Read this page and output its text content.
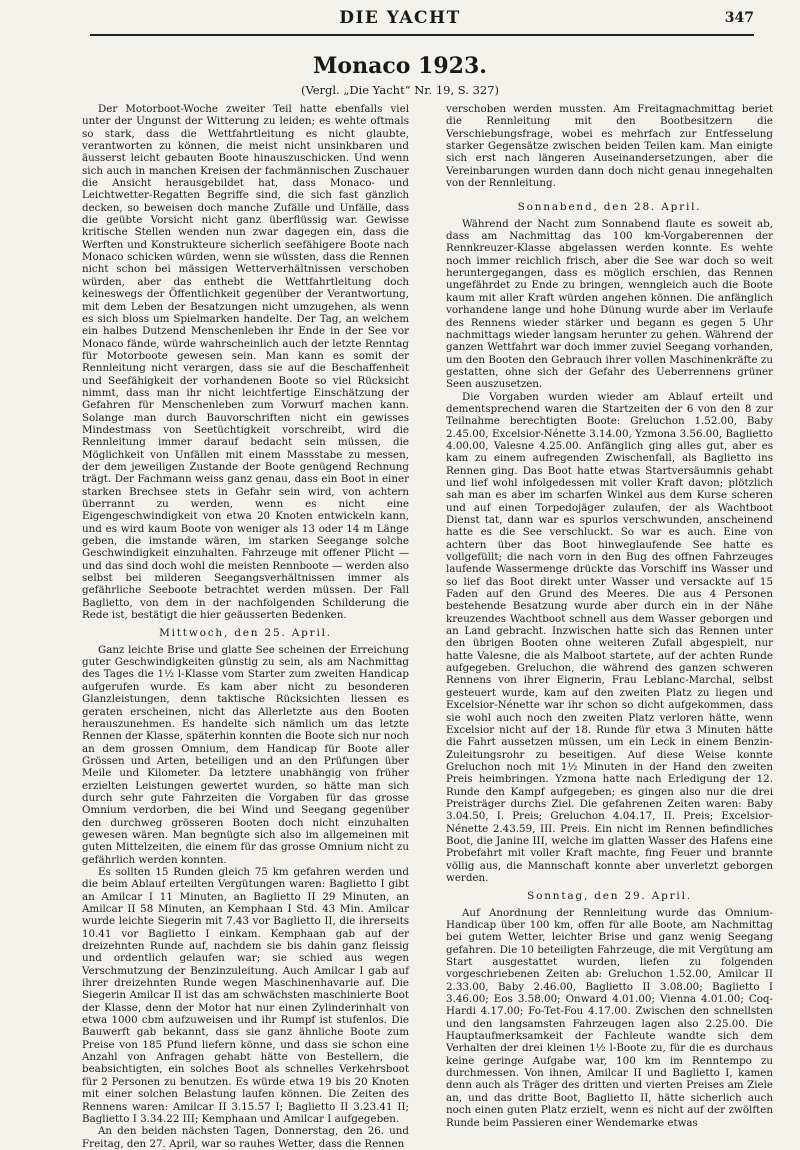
DIE YACHT	347
Monaco 1923.
(Vergl. „Die Yacht“ Nr. 19, S. 327)

Der Motorboot-Woche zweiter Teil hatte ebenfalls viel unter der Ungunst der Witterung zu leiden; es wehte oftmals so stark, dass die Wettfahrtleitung es nicht glaubte, verantworten zu können, die meist nicht unsinkbaren und äusserst leicht gebauten Boote hinauszuschicken. Und wenn sich auch in manchen Kreisen der fachmännischen Zuschauer die Ansicht herausgebildet hat, dass Monaco- und Leichtwetter-Regatten Begriffe sind, die sich fast gänzlich decken, so beweisen doch manche Zufälle und Unfälle, dass die geübte Vorsicht nicht ganz überflüssig war. Gewisse kritische Stellen wenden nun zwar dagegen ein, dass die Werften und Konstrukteure sicherlich seefähigere Boote nach Monaco schicken würden, wenn sie wüssten, dass die Rennen nicht schon bei mässigen Wetterverhältnissen verschoben würden, aber das enthebt die Wettfahrtleitung doch keineswegs der Öffentlichkeit gegenüber der Verantwortung, mit dem Leben der Besatzungen nicht umzugehen, als wenn es sich bloss um Spielmarken handelte. Der Tag, an welchem ein halbes Dutzend Menschenleben ihr Ende in der See vor Monaco fände, würde wahrscheinlich auch der letzte Renntag für Motorboote gewesen sein. Man kann es somit der Rennleitung nicht verargen, dass sie auf die Beschaffenheit und Seefähigkeit der vorhandenen Boote so viel Rücksicht nimmt, dass man ihr nicht leichtfertige Einschätzung der Gefahren für Menschenleben zum Vorwurf machen kann. Solange man durch Bauvorschriften nicht ein gewisses Mindestmass von Seetüchtigkeit vorschreibt, wird die Rennleitung immer darauf bedacht sein müssen, die Möglichkeit von Unfällen mit einem Massstabe zu messen, der dem jeweiligen Zustande der Boote genügend Rechnung trägt. Der Fachmann weiss ganz genau, dass ein Boot in einer starken Brechsee stets in Gefahr sein wird, von achtern überrannt zu werden, wenn es nicht eine Eigengeschwindigkeit von etwa 20 Knoten entwickeln kann, und es wird kaum Boote von weniger als 13 oder 14 m Länge geben, die imstande wären, im starken Seegange solche Geschwindigkeit einzuhalten. Fahrzeuge mit offener Plicht — und das sind doch wohl die meisten Rennboote — werden also selbst bei milderen Seegangsverhältnissen immer als gefährliche Seeboote betrachtet werden müssen. Der Fall Baglietto, von dem in der nachfolgenden Schilderung die Rede ist, bestätigt die hier geäusserten Bedenken.

Mittwoch, den 25. April.

Ganz leichte Brise und glatte See scheinen der Erreichung guter Geschwindigkeiten günstig zu sein, als am Nachmittag des Tages die 1½ l-Klasse vom Starter zum zweiten Handicap aufgerufen wurde. Es kam aber nicht zu besonderen Glanzleistungen, denn taktische Rücksichten liessen es geraten erscheinen, nicht das Allerletzte aus den Booten herauszunehmen. Es handelte sich nämlich um das letzte Rennen der Klasse, späterhin konnten die Boote sich nur noch an dem grossen Omnium, dem Handicap für Boote aller Grössen und Arten, beteiligen und an den Prüfungen über Meile und Kilometer. Da letztere unabhängig von früher erzielten Leistungen gewertet wurden, so hätte man sich durch sehr gute Fahrzeiten die Vorgaben für das grosse Omnium verdorben, die bei Wind und Seegang gegenüber den durchweg grösseren Booten doch nicht einzuhalten gewesen wären. Man begnügte sich also im allgemeinen mit guten Mittelzeiten, die einem für das grosse Omnium nicht zu gefährlich werden konnten.

Es sollten 15 Runden gleich 75 km gefahren werden und die beim Ablauf erteilten Vergütungen waren: Baglietto I gibt an Amilcar I 11 Minuten, an Baglietto II 29 Minuten, an Amilcar II 58 Minuten, an Kemphaan I Std. 43 Min. Amilcar wurde leichte Siegerin mit 7.43 vor Baglietto II, die ihrerseits 10.41 vor Baglietto I einkam. Kemphaan gab auf der dreizehnten Runde auf, nachdem sie bis dahin ganz fleissig und ordentlich gelaufen war; sie schied aus wegen Verschmutzung der Benzinzuleitung. Auch Amilcar I gab auf ihrer dreizehnten Runde wegen Maschinenhavarie auf. Die Siegerin Amilcar II ist das am schwächsten maschinierte Boot der Klasse, denn der Motor hat nur einen Zylinderinhalt von etwa 1000 cbm aufzuweisen und ihr Rumpf ist stufenlos. Die Bauwerft gab bekannt, dass sie ganz ähnliche Boote zum Preise von 185 Pfund liefern könne, und dass sie schon eine Anzahl von Anfragen gehabt hätte von Bestellern, die beabsichtigten, ein solches Boot als schnelles Verkehrsboot für 2 Personen zu benutzen. Es würde etwa 19 bis 20 Knoten mit einer solchen Belastung laufen können. Die Zeiten des Rennens waren: Amilcar II 3.15.57 I; Baglietto II 3.23.41 II; Baglietto I 3.34.22 III; Kemphaan und Amilcar I aufgegeben.

An den beiden nächsten Tagen, Donnerstag, den 26. und Freitag, den 27. April, war so rauhes Wetter, dass die Rennen

verschoben werden mussten. Am Freitagnachmittag beriet die Rennleitung mit den Bootbesitzern die Verschiebungsfrage, wobei es mehrfach zur Entfesselung starker Gegensätze zwischen beiden Teilen kam. Man einigte sich erst nach längeren Auseinandersetzungen, aber die Vereinbarungen wurden dann doch nicht genau innegehalten von der Rennleitung.

Sonnabend, den 28. April.

Während der Nacht zum Sonnabend flaute es soweit ab, dass am Nachmittag das 100 km-Vorgaberennen der Rennkreuzer-Klasse abgelassen werden konnte. Es wehte noch immer reichlich frisch, aber die See war doch so weit heruntergegangen, dass es möglich erschien, das Rennen ungefährdet zu Ende zu bringen, wenngleich auch die Boote kaum mit aller Kraft würden angehen können. Die anfänglich vorhandene lange und hohe Dünung wurde aber im Verlaufe des Rennens wieder stärker und begann es gegen 5 Uhr nachmittags wieder langsam herunter zu gehen. Während der ganzen Wettfahrt war doch immer zuviel Seegang vorhanden, um den Booten den Gebrauch ihrer vollen Maschinenkräfte zu gestatten, ohne sich der Gefahr des Ueberrennens grüner Seen auszusetzen.

Die Vorgaben wurden wieder am Ablauf erteilt und dementsprechend waren die Startzeiten der 6 von den 8 zur Teilnahme berechtigten Boote: Greluchon 1.52.00, Baby 2.45.00, Excelsior-Nénette 3.14.00, Yzmona 3.56.00, Baglietto 4.00.00, Valesne 4.25.00. Anfänglich ging alles gut, aber es kam zu einem aufregenden Zwischenfall, als Baglietto ins Rennen ging. Das Boot hatte etwas Startversäumnis gehabt und lief wohl infolgedessen mit voller Kraft davon; plötzlich sah man es aber im scharfen Winkel aus dem Kurse scheren und auf einen Torpedojäger zulaufen, der als Wachtboot Dienst tat, dann war es spurlos verschwunden, anscheinend hatte es die See verschluckt. So war es auch. Eine von achtern über das Boot hinweglaufende See hatte es vollgefüllt; die nach vorn in den Bug des offnen Fahrzeuges laufende Wassermenge drückte das Vorschiff ins Wasser und so lief das Boot direkt unter Wasser und versackte auf 15 Faden auf den Grund des Meeres. Die aus 4 Personen bestehende Besatzung wurde aber durch ein in der Nähe kreuzendes Wachtboot schnell aus dem Wasser geborgen und an Land gebracht. Inzwischen hatte sich das Rennen unter den übrigen Booten ohne weiteren Zufall abgespielt, nur hatte Valesne, die als Malboot startete, auf der achten Runde aufgegeben. Greluchon, die während des ganzen schweren Rennens von ihrer Eignerin, Frau Leblanc-Marchal, selbst gesteuert wurde, kam auf den zweiten Platz zu liegen und Excelsior-Nénette war ihr schon so dicht aufgekommen, dass sie wohl auch noch den zweiten Platz verloren hätte, wenn Excelsior nicht auf der 18. Runde für etwa 3 Minuten hätte die Fahrt aussetzen müssen, um ein Leck in einem Benzin-Zuleitungsrohr zu beseitigen. Auf diese Weise konnte Greluchon noch mit 1½ Minuten in der Hand den zweiten Preis heimbringen. Yzmona hatte nach Erledigung der 12. Runde den Kampf aufgegeben; es gingen also nur die drei Preisträger durchs Ziel. Die gefahrenen Zeiten waren: Baby 3.04.50, I. Preis; Greluchon 4.04.17, II. Preis; Excelsior-Nénette 2.43.59, III. Preis. Ein nicht im Rennen befindliches Boot, die Janine III, welche im glatten Wasser des Hafens eine Probefahrt mit voller Kraft machte, fing Feuer und brannte völlig aus, die Mannschaft konnte aber unverletzt geborgen werden.

Sonntag, den 29. April.

Auf Anordnung der Rennleitung wurde das Omnium-Handicap über 100 km, offen für alle Boote, am Nachmittag bei gutem Wetter, leichter Brise und ganz wenig Seegang gefahren. Die 10 beteiligten Fahrzeuge, die mit Vergütung am Start ausgestattet wurden, liefen zu folgenden vorgeschriebenen Zeiten ab: Greluchon 1.52.00, Amilcar II 2.33.00, Baby 2.46.00, Baglietto II 3.08.00; Baglietto I 3.46.00; Eos 3.58.00; Onward 4.01.00; Vienna 4.01.00; Coq-Hardi 4.17.00; Fo-Tet-Fou 4.17.00. Zwischen den schnellsten und den langsamsten Fahrzeugen lagen also 2.25.00. Die Hauptaufmerksamkeit der Fachleute wandte sich dem Verhalten der drei kleinen 1½ l-Boote zu, für die es durchaus keine geringe Aufgabe war, 100 km im Renntempo zu durchmessen. Von ihnen, Amilcar II und Baglietto I, kamen denn auch als Träger des dritten und vierten Preises am Ziele an, und das dritte Boot, Baglietto II, hätte sicherlich auch noch einen guten Platz erzielt, wenn es nicht auf der zwölften Runde beim Passieren einer Wendemarke etwas
